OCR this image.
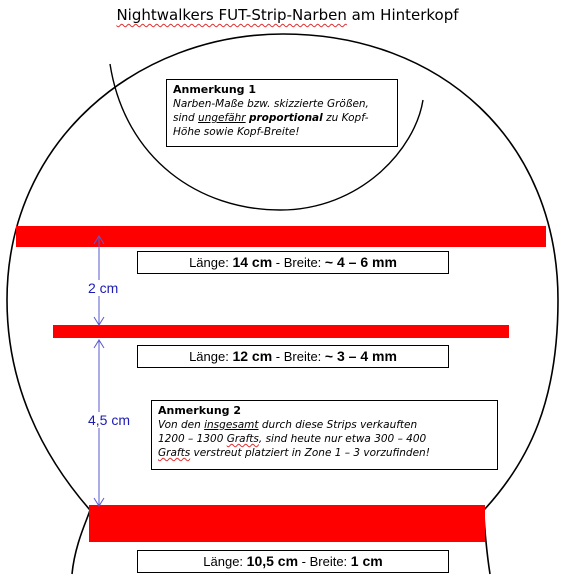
Nightwalkers FUT-Strip-Narben am Hinterkopf
Anmerkung 1
Narben-Maße bzw. skizzierte Größen,
sind ungefähr proportional zu Kopf-
Höhe sowie Kopf-Breite!
Länge: 14 cm - Breite: ~ 4 – 6 mm
Länge: 12 cm - Breite: ~ 3 – 4 mm
Länge: 10,5 cm - Breite: 1 cm
2 cm
4,5 cm
Anmerkung 2
Von den insgesamt durch diese Strips verkauften
1200 – 1300 Grafts, sind heute nur etwa 300 – 400
Grafts verstreut platziert in Zone 1 – 3 vorzufinden!
